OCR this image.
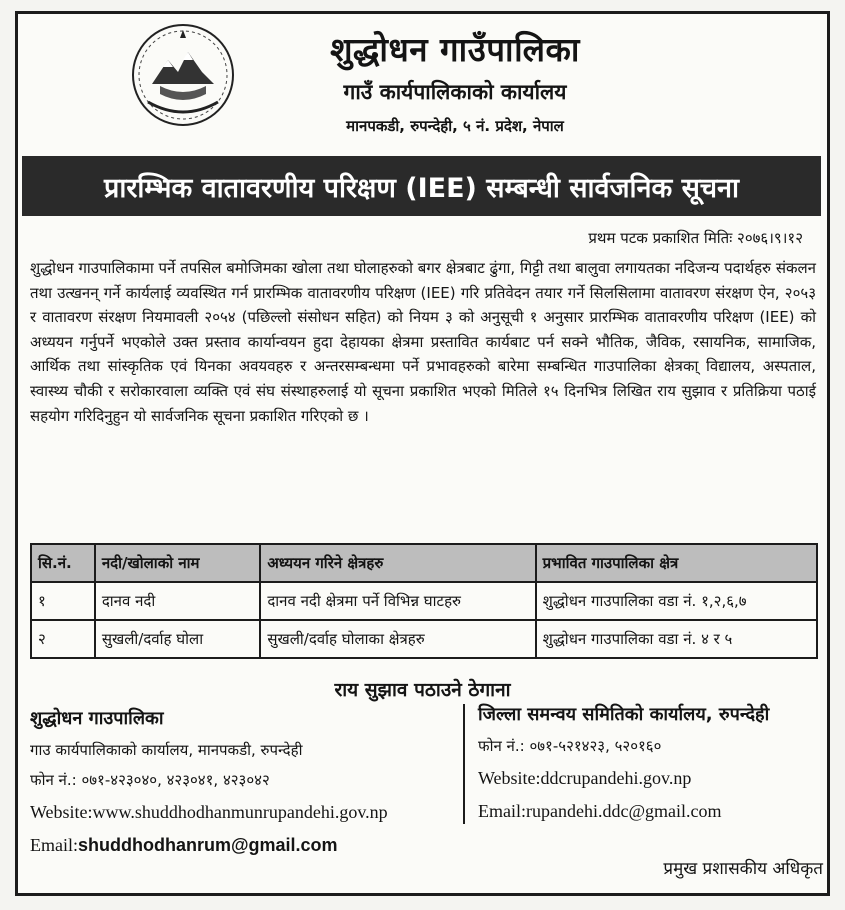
शुद्धोधन गाउँपालिका
गाउँ कार्यपालिकाको कार्यालय
मानपकडी, रुपन्देही, ५ नं. प्रदेश, नेपाल
प्रारम्भिक वातावरणीय परिक्षण (IEE) सम्बन्धी सार्वजनिक सूचना
प्रथम पटक प्रकाशित मितिः २०७६।९।१२
शुद्धोधन गाउपालिकामा पर्ने तपसिल बमोजिमका खोला तथा घोलाहरुको बगर क्षेत्रबाट ढुंगा, गिट्टी तथा बालुवा लगायतका नदिजन्य पदार्थहरु संकलन तथा उत्खनन् गर्ने कार्यलाई व्यवस्थित गर्न प्रारम्भिक वातावरणीय परिक्षण (IEE) गरि प्रतिवेदन तयार गर्ने सिलसिलामा वातावरण संरक्षण ऐन, २०५३ र वातावरण संरक्षण नियमावली २०५४ (पछिल्लो संसोधन सहित) को नियम ३ को अनुसूची १ अनुसार प्रारम्भिक वातावरणीय परिक्षण (IEE) को अध्ययन गर्नुपर्ने भएकोले उक्त प्रस्ताव कार्यान्वयन हुदा देहायका क्षेत्रमा प्रस्तावित कार्यबाट पर्न सक्ने भौतिक, जैविक, रसायनिक, सामाजिक, आर्थिक तथा सांस्कृतिक एवं यिनका अवयवहरु र अन्तरसम्बन्धमा पर्ने प्रभावहरुको बारेमा सम्बन्धित गाउपालिका क्षेत्रका् विद्यालय, अस्पताल, स्वास्थ्य चौकी र सरोकारवाला व्यक्ति एवं संघ संस्थाहरुलाई यो सूचना प्रकाशित भएको मितिले १५ दिनभित्र लिखित राय सुझाव र प्रतिक्रिया पठाई सहयोग गरिदिनुहुन यो सार्वजनिक सूचना प्रकाशित गरिएको छ ।
सि.नं.	नदी/खोलाको नाम	अध्ययन गरिने क्षेत्रहरु	प्रभावित गाउपालिका क्षेत्र
१	दानव नदी	दानव नदी क्षेत्रमा पर्ने विभिन्न घाटहरु	शुद्धोधन गाउपालिका वडा नं. १,२,६,७
२	सुखली/दर्वाह घोला	सुखली/दर्वाह घोलाका क्षेत्रहरु	शुद्धोधन गाउपालिका वडा नं. ४ र ५
राय सुझाव पठाउने ठेगाना
शुद्धोधन गाउपालिका
गाउ कार्यपालिकाको कार्यालय, मानपकडी, रुपन्देही
फोन नं.: ०७१-४२३०४०, ४२३०४१, ४२३०४२
Website:www.shuddhodhanmunrupandehi.gov.np
Email:shuddhodhanrum@gmail.com
जिल्ला समन्वय समितिको कार्यालय, रुपन्देही
फोन नं.: ०७१-५२१४२३, ५२०१६०
Website:ddcrupandehi.gov.np
Email:rupandehi.ddc@gmail.com
प्रमुख प्रशासकीय अधिकृत
